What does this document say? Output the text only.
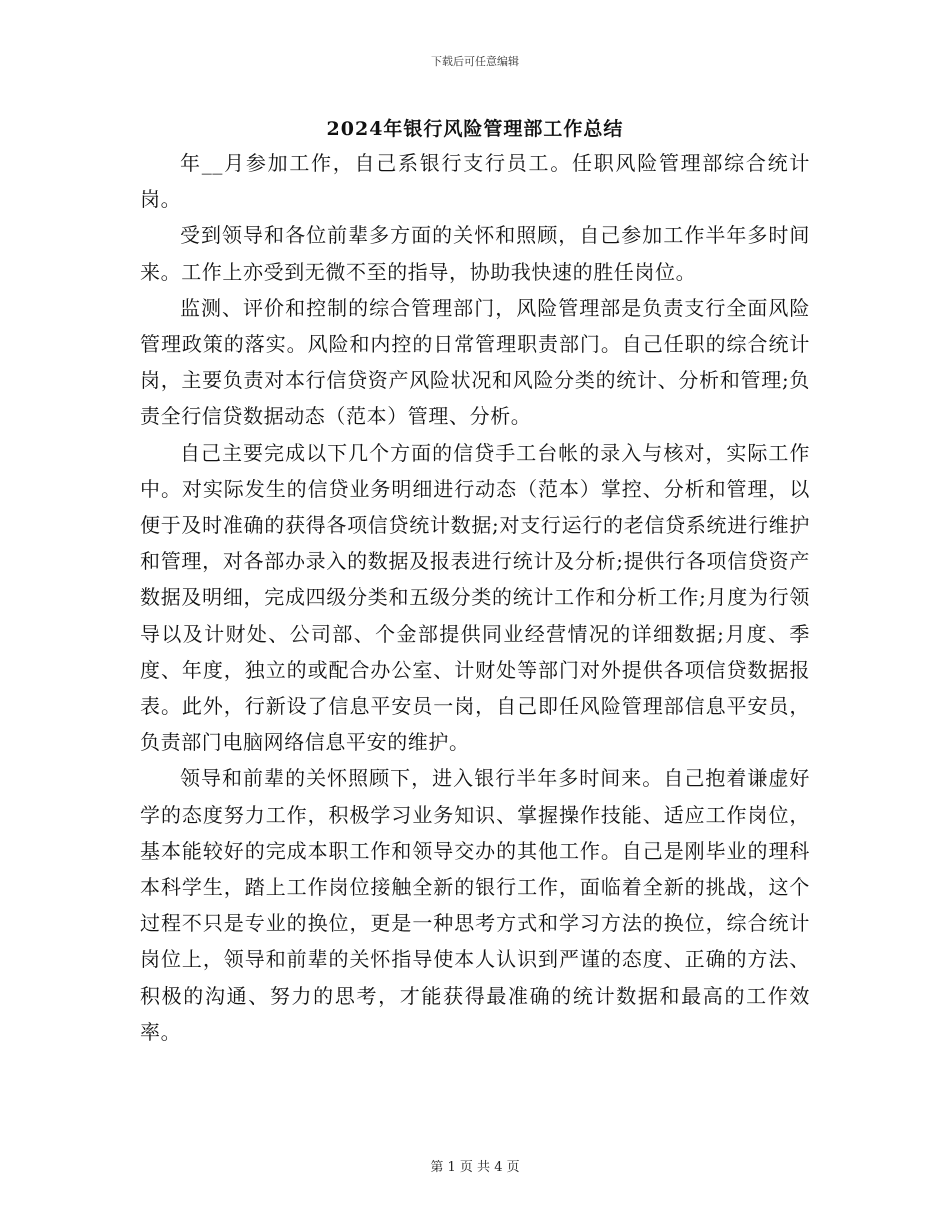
下载后可任意编辑
2024年银行风险管理部工作总结

年__月参加工作，自己系银行支行员工。任职风险管理部综合统计岗。

受到领导和各位前辈多方面的关怀和照顾，自己参加工作半年多时间来。工作上亦受到无微不至的指导，协助我快速的胜任岗位。

监测、评价和控制的综合管理部门，风险管理部是负责支行全面风险管理政策的落实。风险和内控的日常管理职责部门。自己任职的综合统计岗，主要负责对本行信贷资产风险状况和风险分类的统计、分析和管理;负责全行信贷数据动态（范本）管理、分析。

自己主要完成以下几个方面的信贷手工台帐的录入与核对，实际工作中。对实际发生的信贷业务明细进行动态（范本）掌控、分析和管理，以便于及时准确的获得各项信贷统计数据;对支行运行的老信贷系统进行维护和管理，对各部办录入的数据及报表进行统计及分析;提供行各项信贷资产数据及明细，完成四级分类和五级分类的统计工作和分析工作;月度为行领导以及计财处、公司部、个金部提供同业经营情况的详细数据;月度、季度、年度，独立的或配合办公室、计财处等部门对外提供各项信贷数据报表。此外，行新设了信息平安员一岗，自己即任风险管理部信息平安员，负责部门电脑网络信息平安的维护。

领导和前辈的关怀照顾下，进入银行半年多时间来。自己抱着谦虚好学的态度努力工作，积极学习业务知识、掌握操作技能、适应工作岗位，基本能较好的完成本职工作和领导交办的其他工作。自己是刚毕业的理科本科学生，踏上工作岗位接触全新的银行工作，面临着全新的挑战，这个过程不只是专业的换位，更是一种思考方式和学习方法的换位，综合统计岗位上，领导和前辈的关怀指导使本人认识到严谨的态度、正确的方法、积极的沟通、努力的思考，才能获得最准确的统计数据和最高的工作效率。

第 1 页 共 4 页
